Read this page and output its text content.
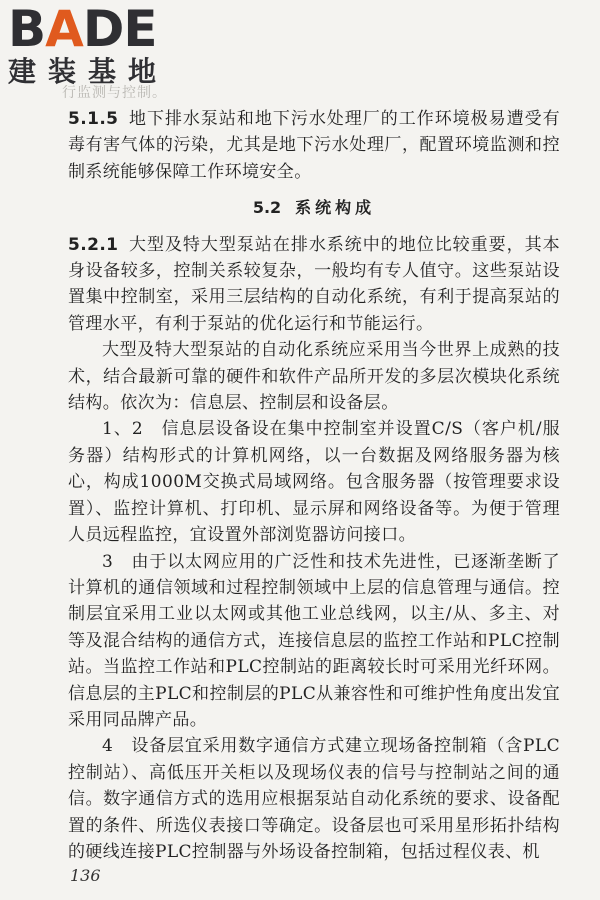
BADE
建装基地
行监测与控制。

5.1.5 地下排水泵站和地下污水处理厂的工作环境极易遭受有毒有害气体的污染，尤其是地下污水处理厂，配置环境监测和控制系统能够保障工作环境安全。

5.2 系统构成

5.2.1 大型及特大型泵站在排水系统中的地位比较重要，其本身设备较多，控制关系较复杂，一般均有专人值守。这些泵站设置集中控制室，采用三层结构的自动化系统，有利于提高泵站的管理水平，有利于泵站的优化运行和节能运行。

大型及特大型泵站的自动化系统应采用当今世界上成熟的技术，结合最新可靠的硬件和软件产品所开发的多层次模块化系统结构。依次为：信息层、控制层和设备层。

1、2　信息层设备设在集中控制室并设置C/S（客户机/服务器）结构形式的计算机网络，以一台数据及网络服务器为核心，构成1000M交换式局域网络。包含服务器（按管理要求设置）、监控计算机、打印机、显示屏和网络设备等。为便于管理人员远程监控，宜设置外部浏览器访问接口。

3　由于以太网应用的广泛性和技术先进性，已逐渐垄断了计算机的通信领域和过程控制领域中上层的信息管理与通信。控制层宜采用工业以太网或其他工业总线网，以主/从、多主、对等及混合结构的通信方式，连接信息层的监控工作站和PLC控制站。当监控工作站和PLC控制站的距离较长时可采用光纤环网。信息层的主PLC和控制层的PLC从兼容性和可维护性角度出发宜采用同品牌产品。

4　设备层宜采用数字通信方式建立现场备控制箱（含PLC控制站）、高低压开关柜以及现场仪表的信号与控制站之间的通信。数字通信方式的选用应根据泵站自动化系统的要求、设备配置的条件、所选仪表接口等确定。设备层也可采用星形拓扑结构的硬线连接PLC控制器与外场设备控制箱，包括过程仪表、机

136
